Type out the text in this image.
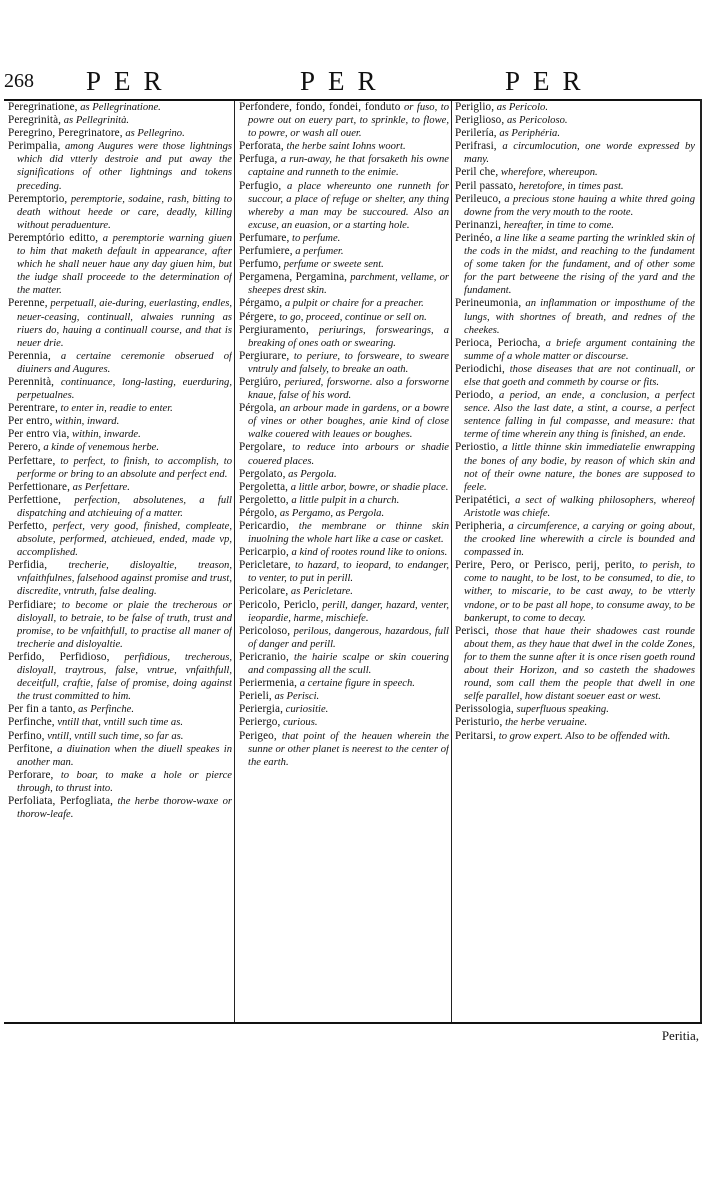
268 PER	PER	PER

Peregrinatione, as Pellegrinatione.

Peregrinità, as Pellegrinità.

Peregrino, Peregrinatore, as Pellegrino.

Perimpalia, among Augures were those lightnings which did vtterly destroie and put away the significations of other lightnings and tokens preceding.

Peremptorio, peremptorie, sodaine, rash, bitting to death without heede or care, deadly, killing without peraduenture.

Peremptório editto, a peremptorie warning giuen to him that maketh default in appearance, after which he shall neuer haue any day giuen him, but the iudge shall proceede to the determination of the matter.

Perenne, perpetuall, aie-during, euerlasting, endles, neuer-ceasing, continuall, alwaies running as riuers do, hauing a continuall course, and that is neuer drie.

Perennia, a certaine ceremonie obserued of diuiners and Augures.

Perennità, continuance, long-lasting, euerduring, perpetualnes.

Perentrare, to enter in, readie to enter.

Per entro, within, inward.

Per entro via, within, inwarde.

Perero, a kinde of venemous herbe.

Perfettare, to perfect, to finish, to accomplish, to performe or bring to an absolute and perfect end.

Perfettionare, as Perfettare.

Perfettione, perfection, absolutenes, a full dispatching and atchieuing of a matter.

Perfetto, perfect, very good, finished, compleate, absolute, performed, atchieued, ended, made vp, accomplished.

Perfidia, trecherie, disloyaltie, treason, vnfaithfulnes, falsehood against promise and trust, discredite, vntruth, false dealing.

Perfidiare; to become or plaie the trecherous or disloyall, to betraie, to be false of truth, trust and promise, to be vnfaithfull, to practise all maner of trecherie and disloyaltie.

Perfido, Perfidioso, perfidious, trecherous, disloyall, traytrous, false, vntrue, vnfaithfull, deceitfull, craftie, false of promise, doing against the trust committed to him.

Per fin a tanto, as Perfinche.

Perfinche, vntill that, vntill such time as.

Perfino, vntill, vntill such time, so far as.

Perfitone, a diuination when the diuell speakes in another man.

Perforare, to boar, to make a hole or pierce through, to thrust into.

Perfoliata, Perfogliata, the herbe thorow-waxe or thorow-leafe.

Perfondere, fondo, fondei, fonduto or fuso, to powre out on euery part, to sprinkle, to flowe, to powre, or wash all ouer.

Perforata, the herbe saint Iohns woort.

Perfuga, a run-away, he that forsaketh his owne captaine and runneth to the enimie.

Perfugio, a place whereunto one runneth for succour, a place of refuge or shelter, any thing whereby a man may be succoured. Also an excuse, an euasion, or a starting hole.

Perfumare, to perfume.

Perfumiere, a perfumer.

Perfumo, perfume or sweete sent.

Pergamena, Pergamina, parchment, vellame, or sheepes drest skin.

Pérgamo, a pulpit or chaire for a preacher.

Pérgere, to go, proceed, continue or sell on.

Pergiuramento, periurings, forswearings, a breaking of ones oath or swearing.

Pergiurare, to periure, to forsweare, to sweare vntruly and falsely, to breake an oath.

Pergiúro, periured, forsworne. also a forsworne knaue, false of his word.

Pérgola, an arbour made in gardens, or a bowre of vines or other boughes, anie kind of close walke couered with leaues or boughes.

Pergolare, to reduce into arbours or shadie couered places.

Pergolato, as Pergola.

Pergoletta, a little arbor, bowre, or shadie place.

Pergoletto, a little pulpit in a church.

Pérgolo, as Pergamo, as Pergola.

Pericardio, the membrane or thinne skin inuolning the whole hart like a case or casket.

Pericarpio, a kind of rootes round like to onions.

Pericletare, to hazard, to ieopard, to endanger, to venter, to put in perill.

Pericolare, as Pericletare.

Pericolo, Periclo, perill, danger, hazard, venter, ieopardie, harme, mischiefe.

Pericoloso, perilous, dangerous, hazardous, full of danger and perill.

Pericranio, the hairie scalpe or skin couering and compassing all the scull.

Periermenia, a certaine figure in speech.

Perieli, as Perisci.

Periergia, curiositie.

Periergo, curious.

Perigeo, that point of the heauen wherein the sunne or other planet is neerest to the center of the earth.

Periglio, as Pericolo.

Periglioso, as Pericoloso.

Perilería, as Periphéria.

Perifrasi, a circumlocution, one worde expressed by many.

Peril che, wherefore, whereupon.

Peril passato, heretofore, in times past.

Perileuco, a precious stone hauing a white thred going downe from the very mouth to the roote.

Perinanzi, hereafter, in time to come.

Perinéo, a line like a seame parting the wrinkled skin of the cods in the midst, and reaching to the fundament of some taken for the fundament, and of other some for the part betweene the rising of the yard and the fundament.

Perineumonia, an inflammation or imposthume of the lungs, with shortnes of breath, and rednes of the cheekes.

Perioca, Periocha, a briefe argument containing the summe of a whole matter or discourse.

Periodichi, those diseases that are not continuall, or else that goeth and commeth by course or fits.

Periodo, a period, an ende, a conclusion, a perfect sence. Also the last date, a stint, a course, a perfect sentence falling in ful compasse, and measure: that terme of time wherein any thing is finished, an ende.

Periostio, a little thinne skin immediatelie enwrapping the bones of any bodie, by reason of which skin and not of their owne nature, the bones are supposed to feele.

Peripatétici, a sect of walking philosophers, whereof Aristotle was chiefe.

Peripheria, a circumference, a carying or going about, the crooked line wherewith a circle is bounded and compassed in.

Perire, Pero, or Perisco, perij, perito, to perish, to come to naught, to be lost, to be consumed, to die, to wither, to miscarie, to be cast away, to be vtterly vndone, or to be past all hope, to consume away, to be bankerupt, to come to decay.

Perisci, those that haue their shadowes cast rounde about them, as they haue that dwel in the colde Zones, for to them the sunne after it is once risen goeth round about their Horizon, and so casteth the shadowes round, som call them the people that dwell in one selfe parallel, how distant soeuer east or west.

Perissologia, superfluous speaking.

Peristurio, the herbe veruaine.

Peritarsi, to grow expert. Also to be offended with.

Peritia,
